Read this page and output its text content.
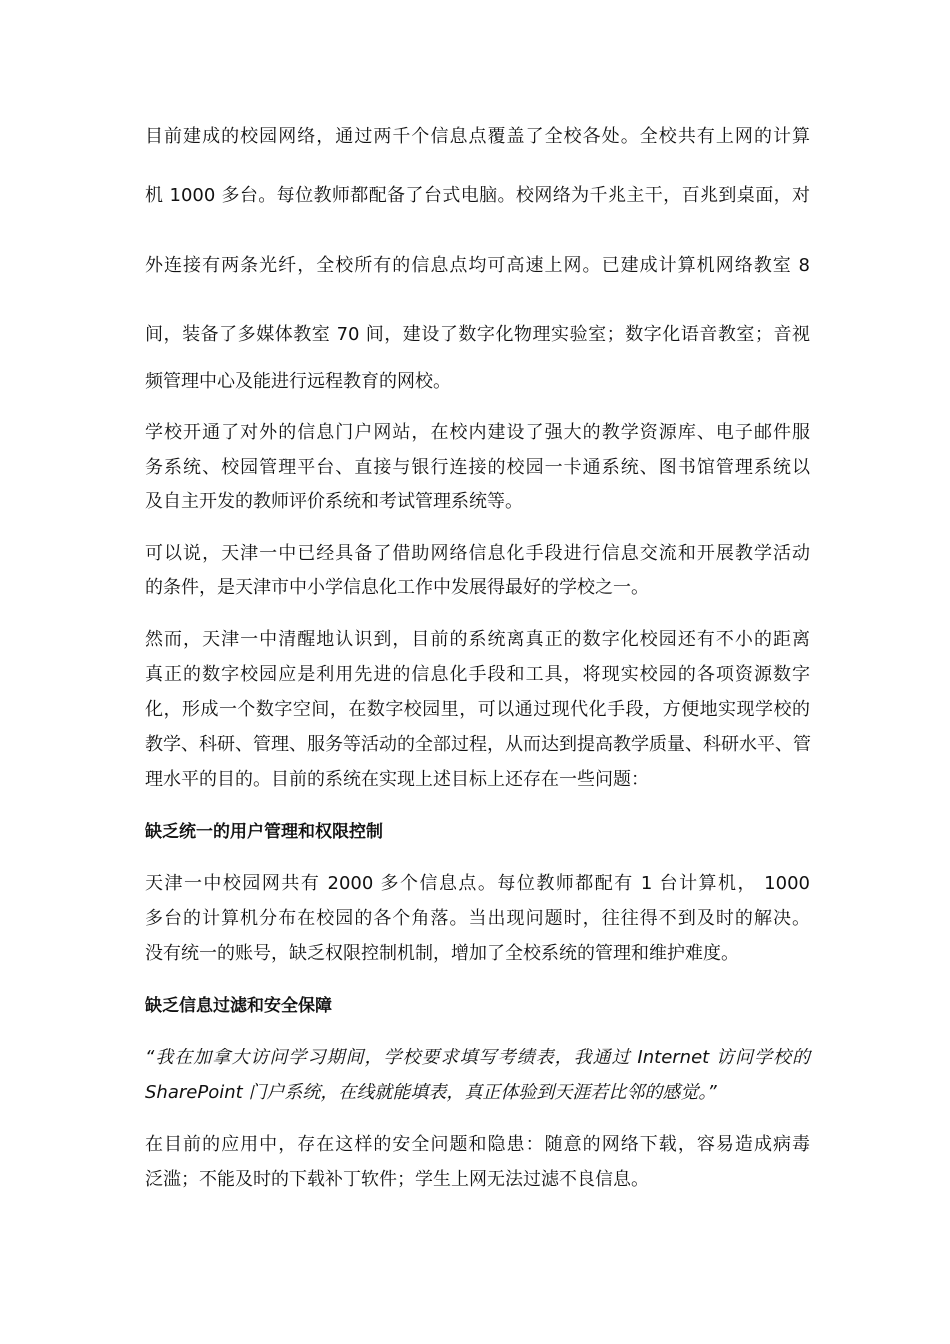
目前建成的校园网络，通过两千个信息点覆盖了全校各处。全校共有上网的计算
机 1000 多台。每位教师都配备了台式电脑。校网络为千兆主干，百兆到桌面，对
外连接有两条光纤，全校所有的信息点均可高速上网。已建成计算机网络教室 8
间，装备了多媒体教室 70 间，建设了数字化物理实验室；数字化语音教室；音视
频管理中心及能进行远程教育的网校。
学校开通了对外的信息门户网站，在校内建设了强大的教学资源库、电子邮件服
务系统、校园管理平台、直接与银行连接的校园一卡通系统、图书馆管理系统以
及自主开发的教师评价系统和考试管理系统等。
可以说，天津一中已经具备了借助网络信息化手段进行信息交流和开展教学活动
的条件，是天津市中小学信息化工作中发展得最好的学校之一。
然而，天津一中清醒地认识到，目前的系统离真正的数字化校园还有不小的距离
真正的数字校园应是利用先进的信息化手段和工具，将现实校园的各项资源数字
化，形成一个数字空间，在数字校园里，可以通过现代化手段，方便地实现学校的
教学、科研、管理、服务等活动的全部过程，从而达到提高教学质量、科研水平、管
理水平的目的。目前的系统在实现上述目标上还存在一些问题：
缺乏统一的用户管理和权限控制
天津一中校园网共有 2000 多个信息点。每位教师都配有 1 台计算机， 1000
多台的计算机分布在校园的各个角落。当出现问题时，往往得不到及时的解决。
没有统一的账号，缺乏权限控制机制，增加了全校系统的管理和维护难度。
缺乏信息过滤和安全保障
“我在加拿大访问学习期间，学校要求填写考绩表，我通过 Internet 访问学校的
SharePoint 门户系统，在线就能填表，真正体验到天涯若比邻的感觉。”
在目前的应用中，存在这样的安全问题和隐患：随意的网络下载，容易造成病毒
泛滥；不能及时的下载补丁软件；学生上网无法过滤不良信息。
